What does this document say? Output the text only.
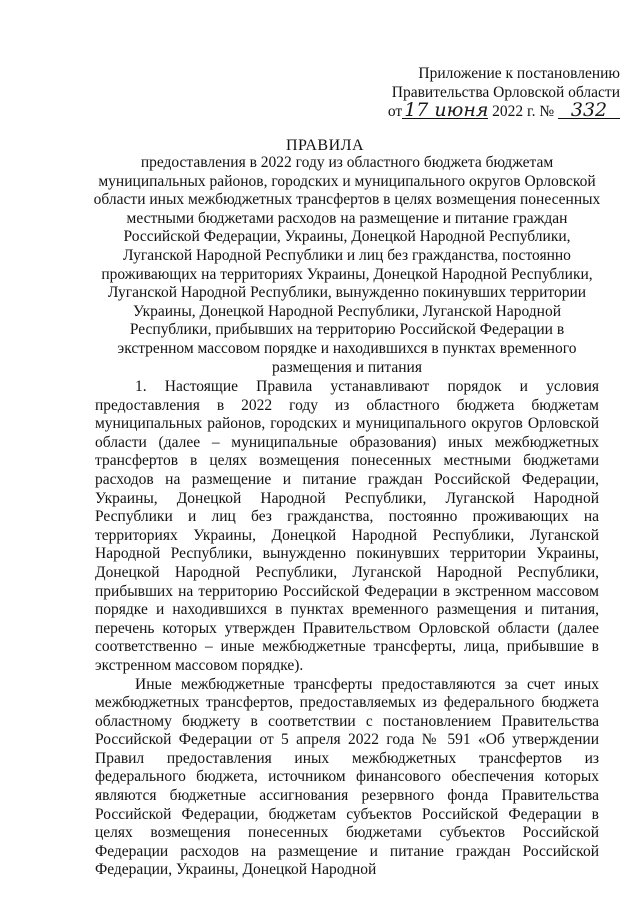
Приложение к постановлению
Правительства Орловской области
от 17 июня 2022 г. № 332
ПРАВИЛА
предоставления в 2022 году из областного бюджета бюджетам муниципальных районов, городских и муниципального округов Орловской области иных межбюджетных трансфертов в целях возмещения понесенных местными бюджетами расходов на размещение и питание граждан Российской Федерации, Украины, Донецкой Народной Республики, Луганской Народной Республики и лиц без гражданства, постоянно проживающих на территориях Украины, Донецкой Народной Республики, Луганской Народной Республики, вынужденно покинувших территории Украины, Донецкой Народной Республики, Луганской Народной Республики, прибывших на территорию Российской Федерации в экстренном массовом порядке и находившихся в пунктах временного размещения и питания

1. Настоящие Правила устанавливают порядок и условия предоставления в 2022 году из областного бюджета бюджетам муниципальных районов, городских и муниципального округов Орловской области (далее – муниципальные образования) иных межбюджетных трансфертов в целях возмещения понесенных местными бюджетами расходов на размещение и питание граждан Российской Федерации, Украины, Донецкой Народной Республики, Луганской Народной Республики и лиц без гражданства, постоянно проживающих на территориях Украины, Донецкой Народной Республики, Луганской Народной Республики, вынужденно покинувших территории Украины, Донецкой Народной Республики, Луганской Народной Республики, прибывших на территорию Российской Федерации в экстренном массовом порядке и находившихся в пунктах временного размещения и питания, перечень которых утвержден Правительством Орловской области (далее соответственно – иные межбюджетные трансферты, лица, прибывшие в экстренном массовом порядке).

Иные межбюджетные трансферты предоставляются за счет иных межбюджетных трансфертов, предоставляемых из федерального бюджета областному бюджету в соответствии с постановлением Правительства Российской Федерации от 5 апреля 2022 года № 591 «Об утверждении Правил предоставления иных межбюджетных трансфертов из федерального бюджета, источником финансового обеспечения которых являются бюджетные ассигнования резервного фонда Правительства Российской Федерации, бюджетам субъектов Российской Федерации в целях возмещения понесенных бюджетами субъектов Российской Федерации расходов на размещение и питание граждан Российской Федерации, Украины, Донецкой Народной
